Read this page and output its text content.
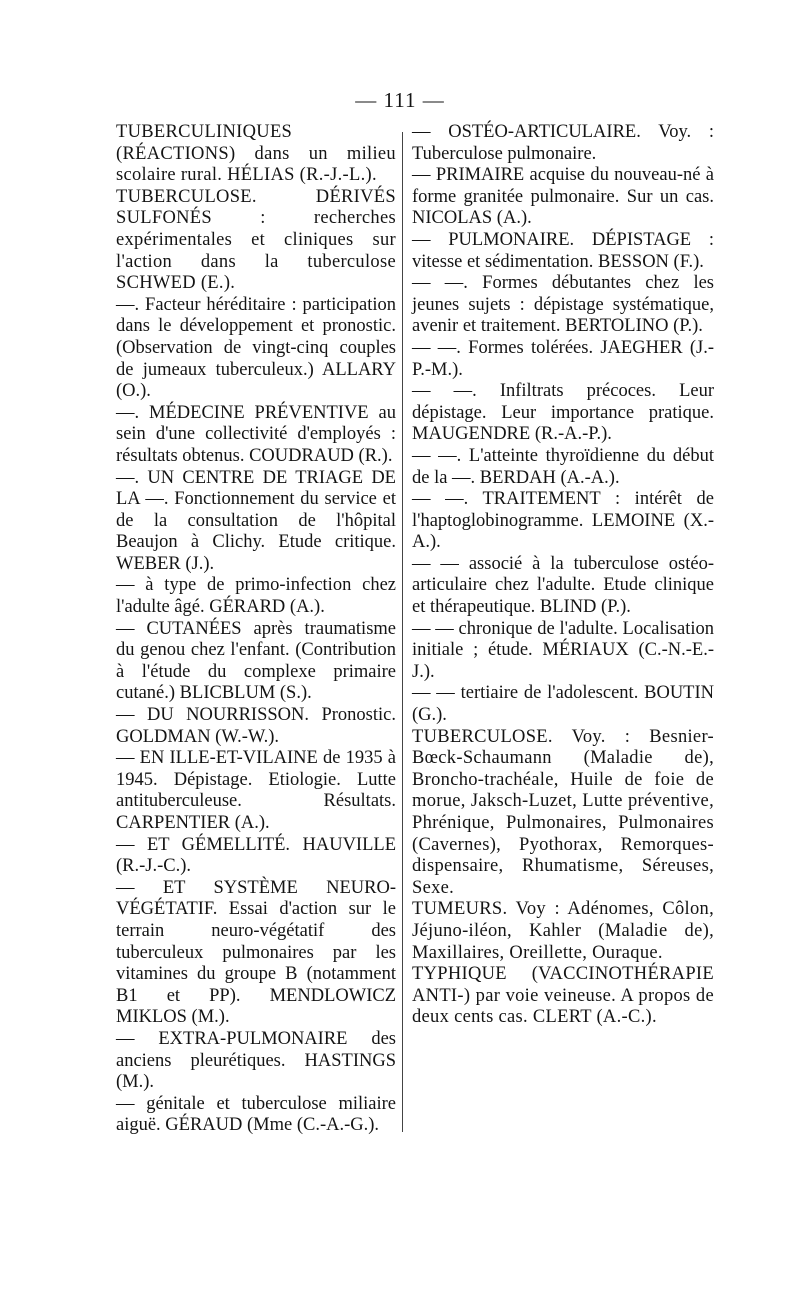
— 111 —

TUBERCULINIQUES (RÉACTIONS) dans un milieu scolaire rural. HÉLIAS (R.-J.-L.).

TUBERCULOSE. DÉRIVÉS SULFONÉS : recherches expérimentales et cliniques sur l'action dans la tuberculose SCHWED (E.).

—. Facteur héréditaire : participation dans le développement et pronostic. (Observation de vingt-cinq couples de jumeaux tuberculeux.) ALLARY (O.).

—. MÉDECINE PRÉVENTIVE au sein d'une collectivité d'employés : résultats obtenus. COUDRAUD (R.).

—. UN CENTRE DE TRIAGE DE LA —. Fonctionnement du service et de la consultation de l'hôpital Beaujon à Clichy. Etude critique. WEBER (J.).

— à type de primo-infection chez l'adulte âgé. GÉRARD (A.).

— CUTANÉES après traumatisme du genou chez l'enfant. (Contribution à l'étude du complexe primaire cutané.) BLICBLUM (S.).

— DU NOURRISSON. Pronostic. GOLDMAN (W.-W.).

— EN ILLE-ET-VILAINE de 1935 à 1945. Dépistage. Etiologie. Lutte antituberculeuse. Résultats. CARPENTIER (A.).

— ET GÉMELLITÉ. HAUVILLE (R.-J.-C.).

— ET SYSTÈME NEURO-VÉGÉTATIF. Essai d'action sur le terrain neuro-végétatif des tuberculeux pulmonaires par les vitamines du groupe B (notamment B1 et PP). MENDLOWICZ MIKLOS (M.).

— EXTRA-PULMONAIRE des anciens pleurétiques. HASTINGS (M.).

— génitale et tuberculose miliaire aiguë. GÉRAUD (Mme (C.-A.-G.).

— OSTÉO-ARTICULAIRE. Voy. : Tuberculose pulmonaire.

— PRIMAIRE acquise du nouveau-né à forme granitée pulmonaire. Sur un cas. NICOLAS (A.).

— PULMONAIRE. DÉPISTAGE : vitesse et sédimentation. BESSON (F.).

— —. Formes débutantes chez les jeunes sujets : dépistage systématique, avenir et traitement. BERTOLINO (P.).

— —. Formes tolérées. JAEGHER (J.-P.-M.).

— —. Infiltrats précoces. Leur dépistage. Leur importance pratique. MAUGENDRE (R.-A.-P.).

— —. L'atteinte thyroïdienne du début de la —. BERDAH (A.-A.).

— —. TRAITEMENT : intérêt de l'haptoglobinogramme. LEMOINE (X.-A.).

— — associé à la tuberculose ostéo-articulaire chez l'adulte. Etude clinique et thérapeutique. BLIND (P.).

— — chronique de l'adulte. Localisation initiale ; étude. MÉRIAUX (C.-N.-E.-J.).

— — tertiaire de l'adolescent. BOUTIN (G.).

TUBERCULOSE. Voy. : Besnier-Bœck-Schaumann (Maladie de), Broncho-trachéale, Huile de foie de morue, Jaksch-Luzet, Lutte préventive, Phrénique, Pulmonaires, Pulmonaires (Cavernes), Pyothorax, Remorques-dispensaire, Rhumatisme, Séreuses, Sexe.

TUMEURS. Voy : Adénomes, Côlon, Jéjuno-iléon, Kahler (Maladie de), Maxillaires, Oreillette, Ouraque.

TYPHIQUE (VACCINOTHÉRAPIE ANTI-) par voie veineuse. A propos de deux cents cas. CLERT (A.-C.).
